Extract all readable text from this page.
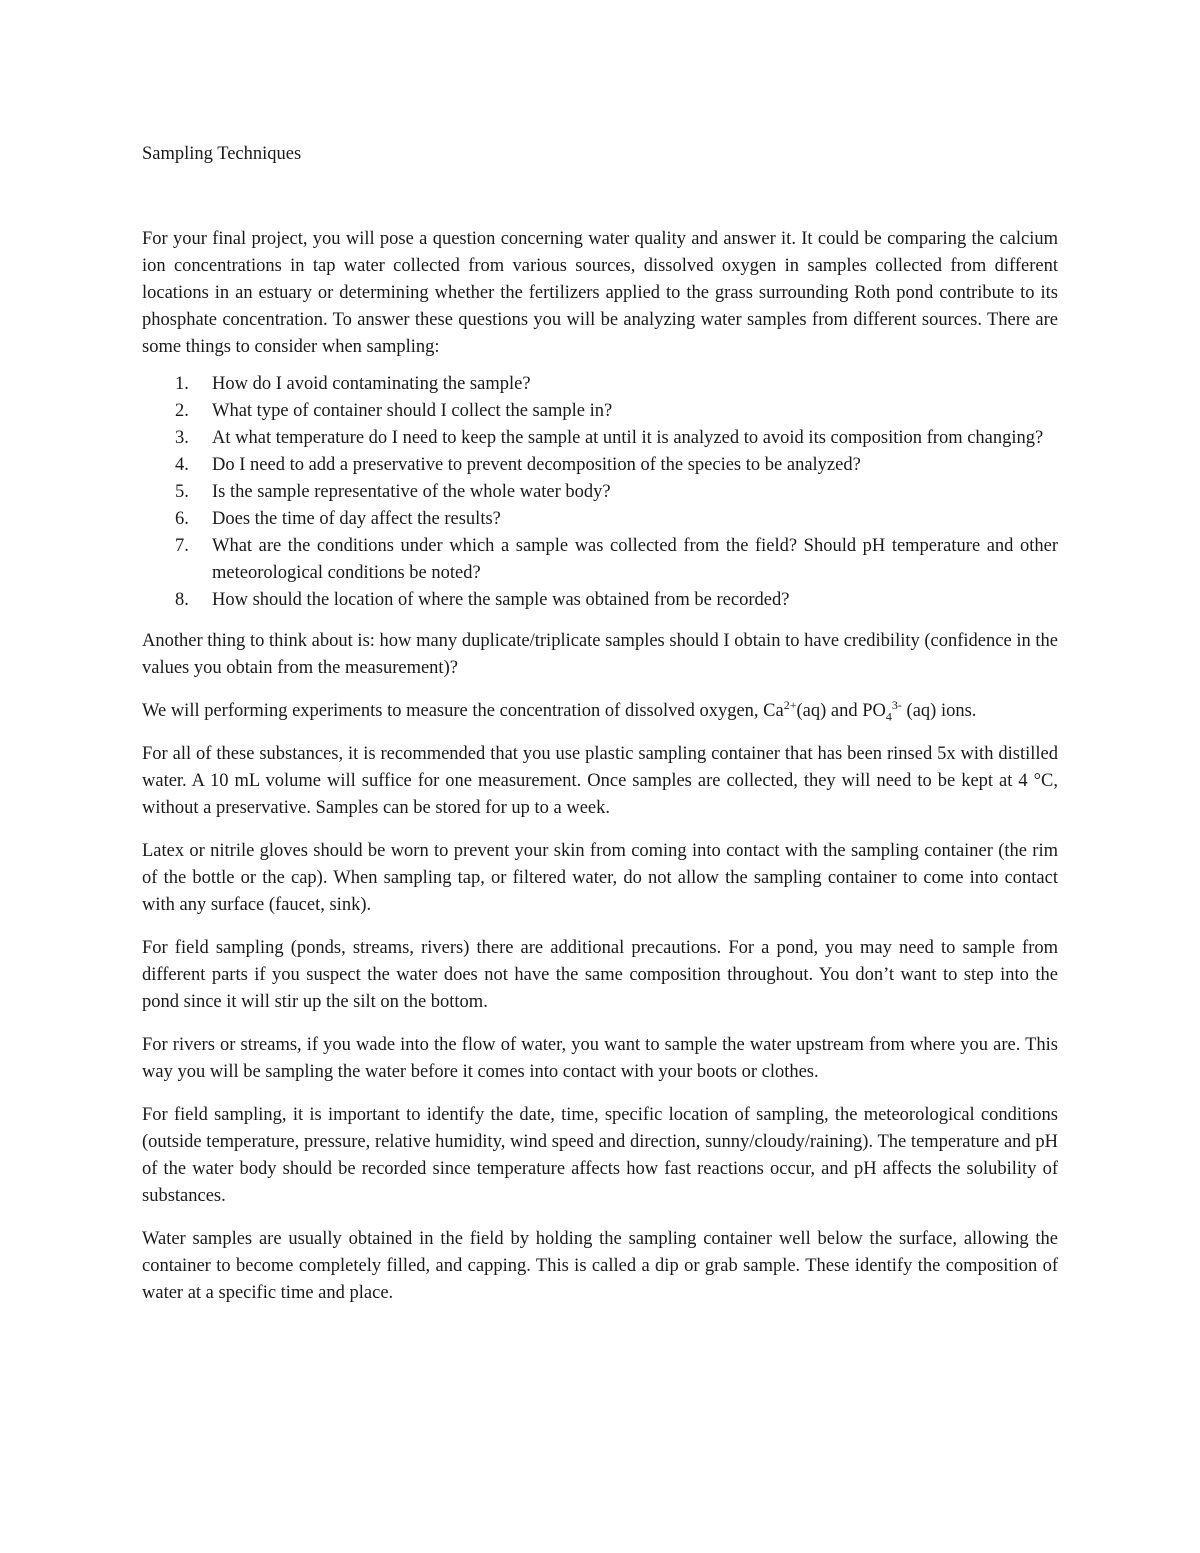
Sampling Techniques

For your final project, you will pose a question concerning water quality and answer it. It could be comparing the calcium ion concentrations in tap water collected from various sources, dissolved oxygen in samples collected from different locations in an estuary or determining whether the fertilizers applied to the grass surrounding Roth pond contribute to its phosphate concentration. To answer these questions you will be analyzing water samples from different sources. There are some things to consider when sampling:

1. How do I avoid contaminating the sample?
2. What type of container should I collect the sample in?
3. At what temperature do I need to keep the sample at until it is analyzed to avoid its composition from changing?
4. Do I need to add a preservative to prevent decomposition of the species to be analyzed?
5. Is the sample representative of the whole water body?
6. Does the time of day affect the results?
7. What are the conditions under which a sample was collected from the field? Should pH temperature and other meteorological conditions be noted?
8. How should the location of where the sample was obtained from be recorded?

Another thing to think about is: how many duplicate/triplicate samples should I obtain to have credibility (confidence in the values you obtain from the measurement)?

We will performing experiments to measure the concentration of dissolved oxygen, $Ca^{2+}(aq)$ and $PO_4^{3-}$ (aq) ions.

For all of these substances, it is recommended that you use plastic sampling container that has been rinsed 5x with distilled water. A 10 mL volume will suffice for one measurement. Once samples are collected, they will need to be kept at 4 °C, without a preservative. Samples can be stored for up to a week.

Latex or nitrile gloves should be worn to prevent your skin from coming into contact with the sampling container (the rim of the bottle or the cap). When sampling tap, or filtered water, do not allow the sampling container to come into contact with any surface (faucet, sink).

For field sampling (ponds, streams, rivers) there are additional precautions. For a pond, you may need to sample from different parts if you suspect the water does not have the same composition throughout. You don’t want to step into the pond since it will stir up the silt on the bottom.

For rivers or streams, if you wade into the flow of water, you want to sample the water upstream from where you are. This way you will be sampling the water before it comes into contact with your boots or clothes.

For field sampling, it is important to identify the date, time, specific location of sampling, the meteorological conditions (outside temperature, pressure, relative humidity, wind speed and direction, sunny/cloudy/raining). The temperature and pH of the water body should be recorded since temperature affects how fast reactions occur, and pH affects the solubility of substances.

Water samples are usually obtained in the field by holding the sampling container well below the surface, allowing the container to become completely filled, and capping. This is called a dip or grab sample. These identify the composition of water at a specific time and place.
